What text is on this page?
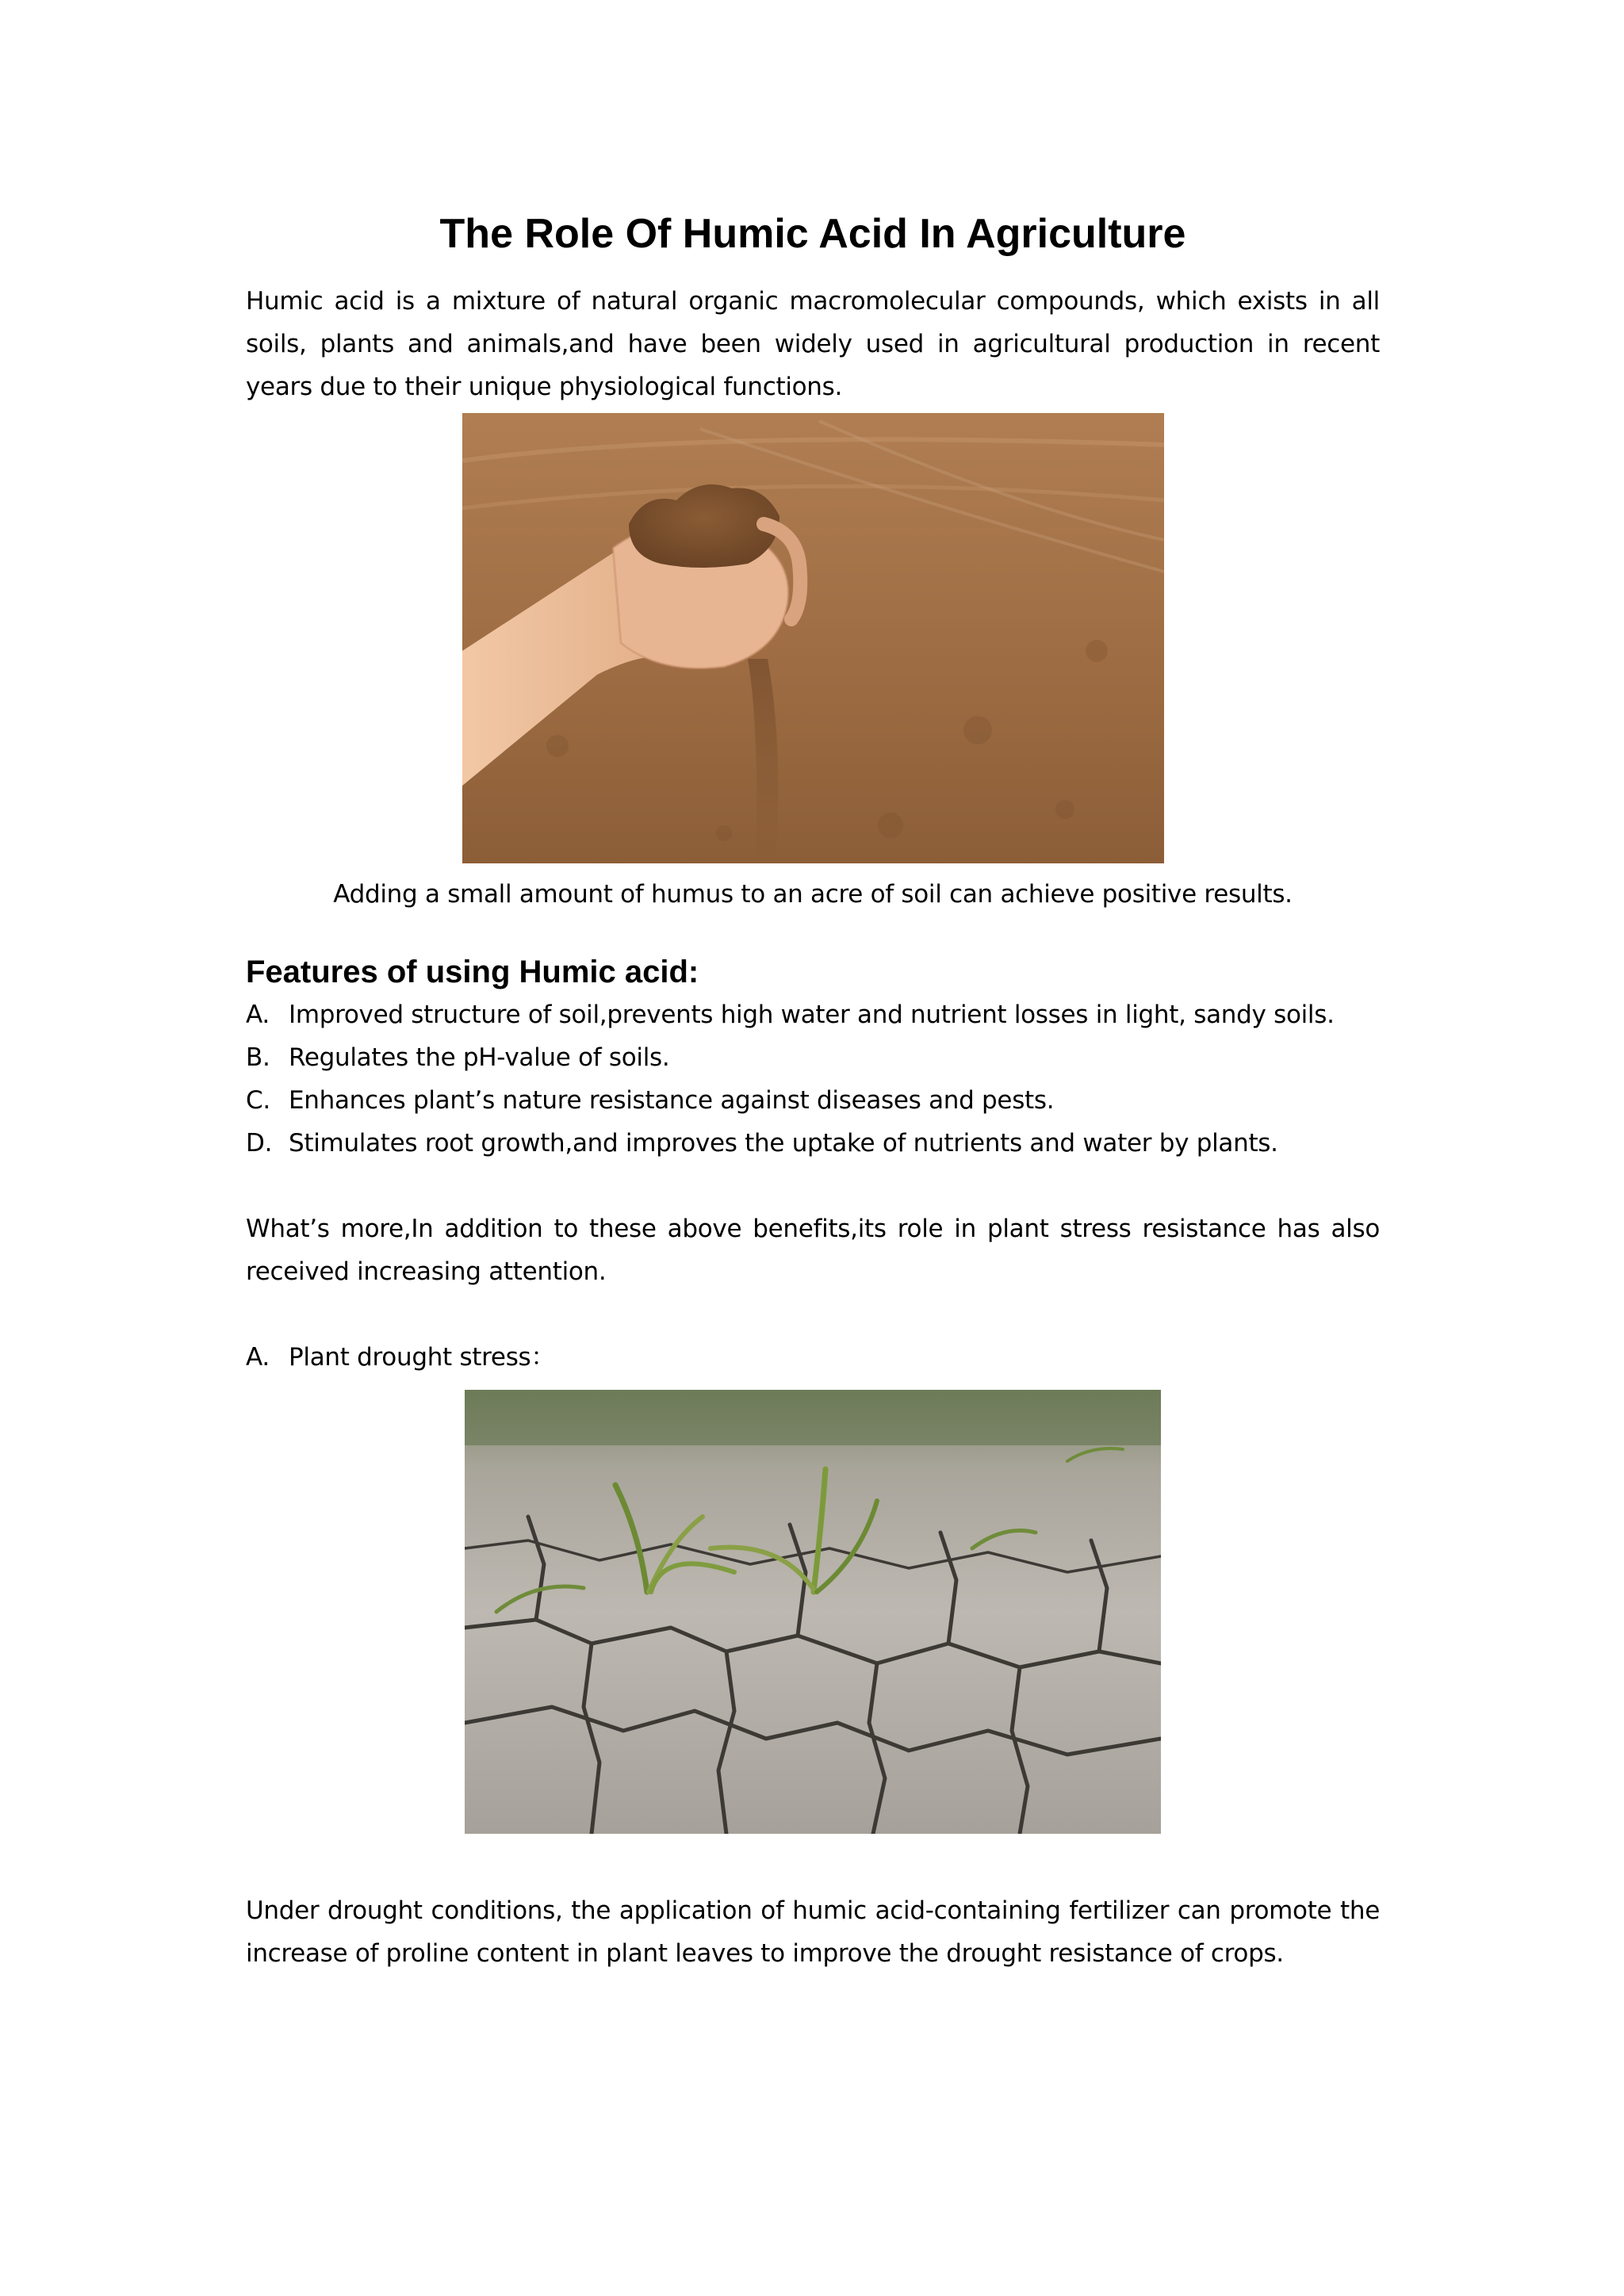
The Role Of Humic Acid In Agriculture

Humic acid is a mixture of natural organic macromolecular compounds, which exists in all soils, plants and animals,and have been widely used in agricultural production in recent years due to their unique physiological functions.

Adding a small amount of humus to an acre of soil can achieve positive results.

Features of using Humic acid:
A. Improved structure of soil,prevents high water and nutrient losses in light, sandy soils.
B. Regulates the pH-value of soils.
C. Enhances plant’s nature resistance against diseases and pests.
D. Stimulates root growth,and improves the uptake of nutrients and water by plants.

What’s more,In addition to these above benefits,its role in plant stress resistance has also received increasing attention.

A. Plant drought stress：

Under drought conditions, the application of humic acid-containing fertilizer can promote the increase of proline content in plant leaves to improve the drought resistance of crops.
